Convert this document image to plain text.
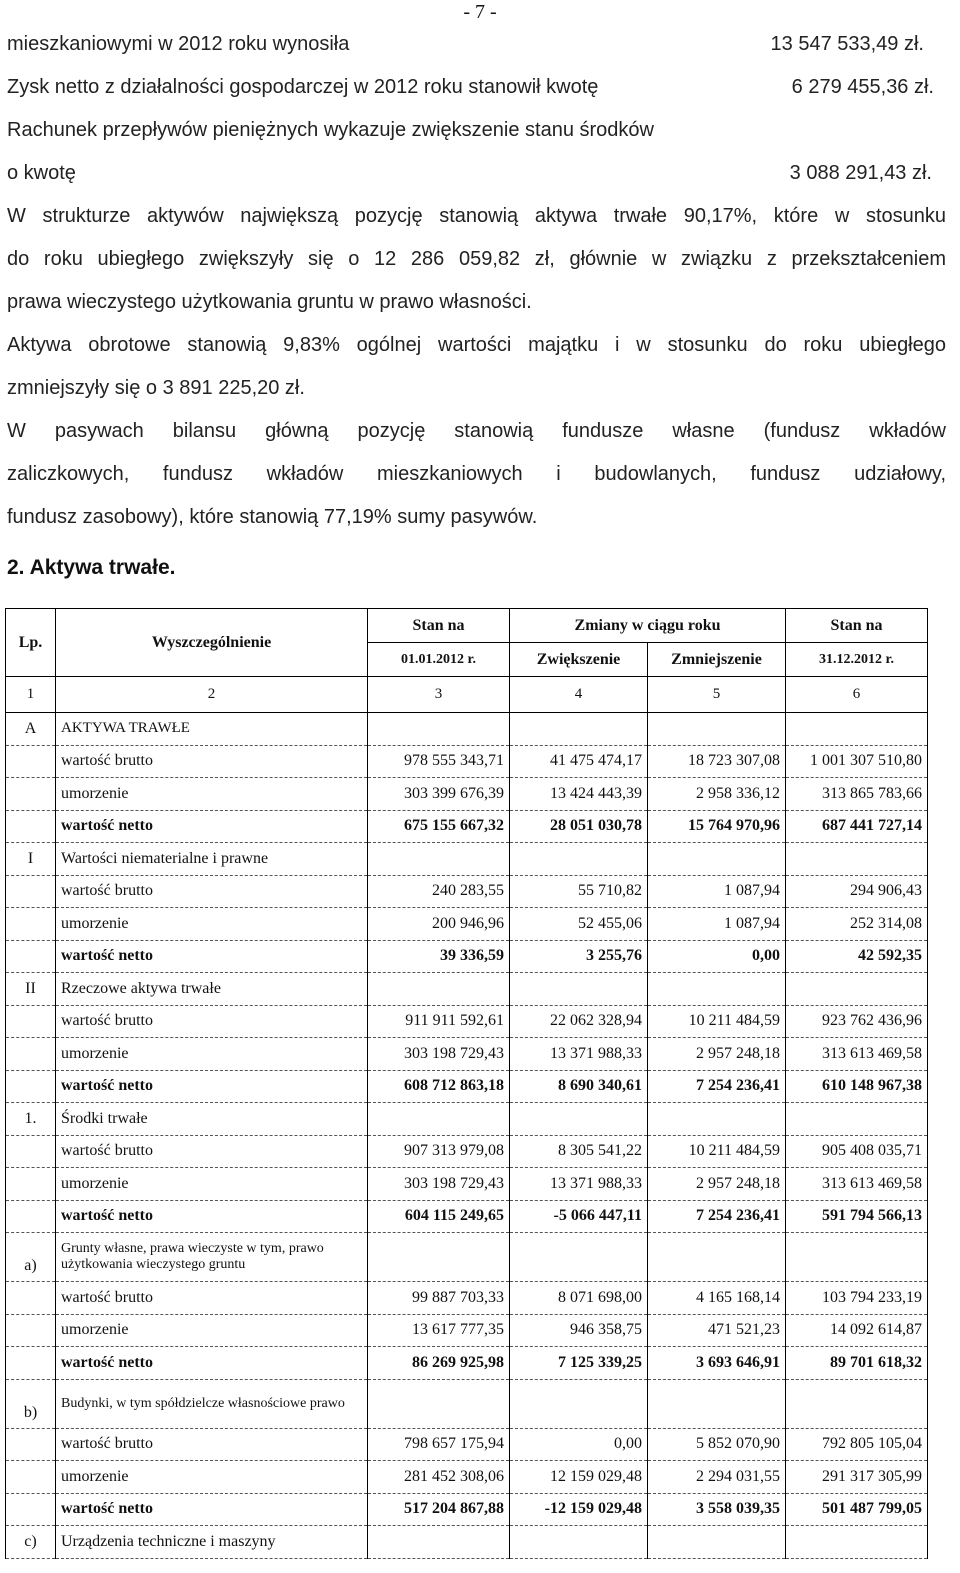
- 7 -
mieszkaniowymi w 2012 roku wynosiła	13 547 533,49 zł.
Zysk netto z działalności gospodarczej w 2012 roku stanowił kwotę	6 279 455,36 zł.
Rachunek przepływów pieniężnych wykazuje zwiększenie stanu środków
o kwotę	3 088 291,43 zł.
W strukturze aktywów największą pozycję stanowią aktywa trwałe 90,17%, które w stosunku
do roku ubiegłego zwiększyły się o 12 286 059,82 zł, głównie w związku z przekształceniem
prawa wieczystego użytkowania gruntu w prawo własności.
Aktywa obrotowe stanowią 9,83% ogólnej wartości majątku i w stosunku do roku ubiegłego
zmniejszyły się o 3 891 225,20 zł.
W pasywach bilansu główną pozycję stanowią fundusze własne (fundusz wkładów
zaliczkowych, fundusz wkładów mieszkaniowych i budowlanych, fundusz udziałowy,
fundusz zasobowy), które stanowią 77,19% sumy pasywów.
2. Aktywa trwałe.
Lp.	Wyszczególnienie	Stan na	Zmiany w ciągu roku		Stan na
		01.01.2012 r.	Zwiększenie	Zmniejszenie	31.12.2012 r.
1	2	3	4	5	6
A	AKTYWA TRAWŁE				
	wartość brutto	978 555 343,71	41 475 474,17	18 723 307,08	1 001 307 510,80
	umorzenie	303 399 676,39	13 424 443,39	2 958 336,12	313 865 783,66
	wartość netto	675 155 667,32	28 051 030,78	15 764 970,96	687 441 727,14
I	Wartości niematerialne i prawne				
	wartość brutto	240 283,55	55 710,82	1 087,94	294 906,43
	umorzenie	200 946,96	52 455,06	1 087,94	252 314,08
	wartość netto	39 336,59	3 255,76	0,00	42 592,35
II	Rzeczowe aktywa trwałe				
	wartość brutto	911 911 592,61	22 062 328,94	10 211 484,59	923 762 436,96
	umorzenie	303 198 729,43	13 371 988,33	2 957 248,18	313 613 469,58
	wartość netto	608 712 863,18	8 690 340,61	7 254 236,41	610 148 967,38
1.	Środki trwałe				
	wartość brutto	907 313 979,08	8 305 541,22	10 211 484,59	905 408 035,71
	umorzenie	303 198 729,43	13 371 988,33	2 957 248,18	313 613 469,58
	wartość netto	604 115 249,65	-5 066 447,11	7 254 236,41	591 794 566,13
a)	Grunty własne, prawa wieczyste w tym, prawo użytkowania wieczystego gruntu				
	wartość brutto	99 887 703,33	8 071 698,00	4 165 168,14	103 794 233,19
	umorzenie	13 617 777,35	946 358,75	471 521,23	14 092 614,87
	wartość netto	86 269 925,98	7 125 339,25	3 693 646,91	89 701 618,32
b)	Budynki, w tym spółdzielcze własnościowe prawo				
	wartość brutto	798 657 175,94	0,00	5 852 070,90	792 805 105,04
	umorzenie	281 452 308,06	12 159 029,48	2 294 031,55	291 317 305,99
	wartość netto	517 204 867,88	-12 159 029,48	3 558 039,35	501 487 799,05
c)	Urządzenia techniczne i maszyny				
